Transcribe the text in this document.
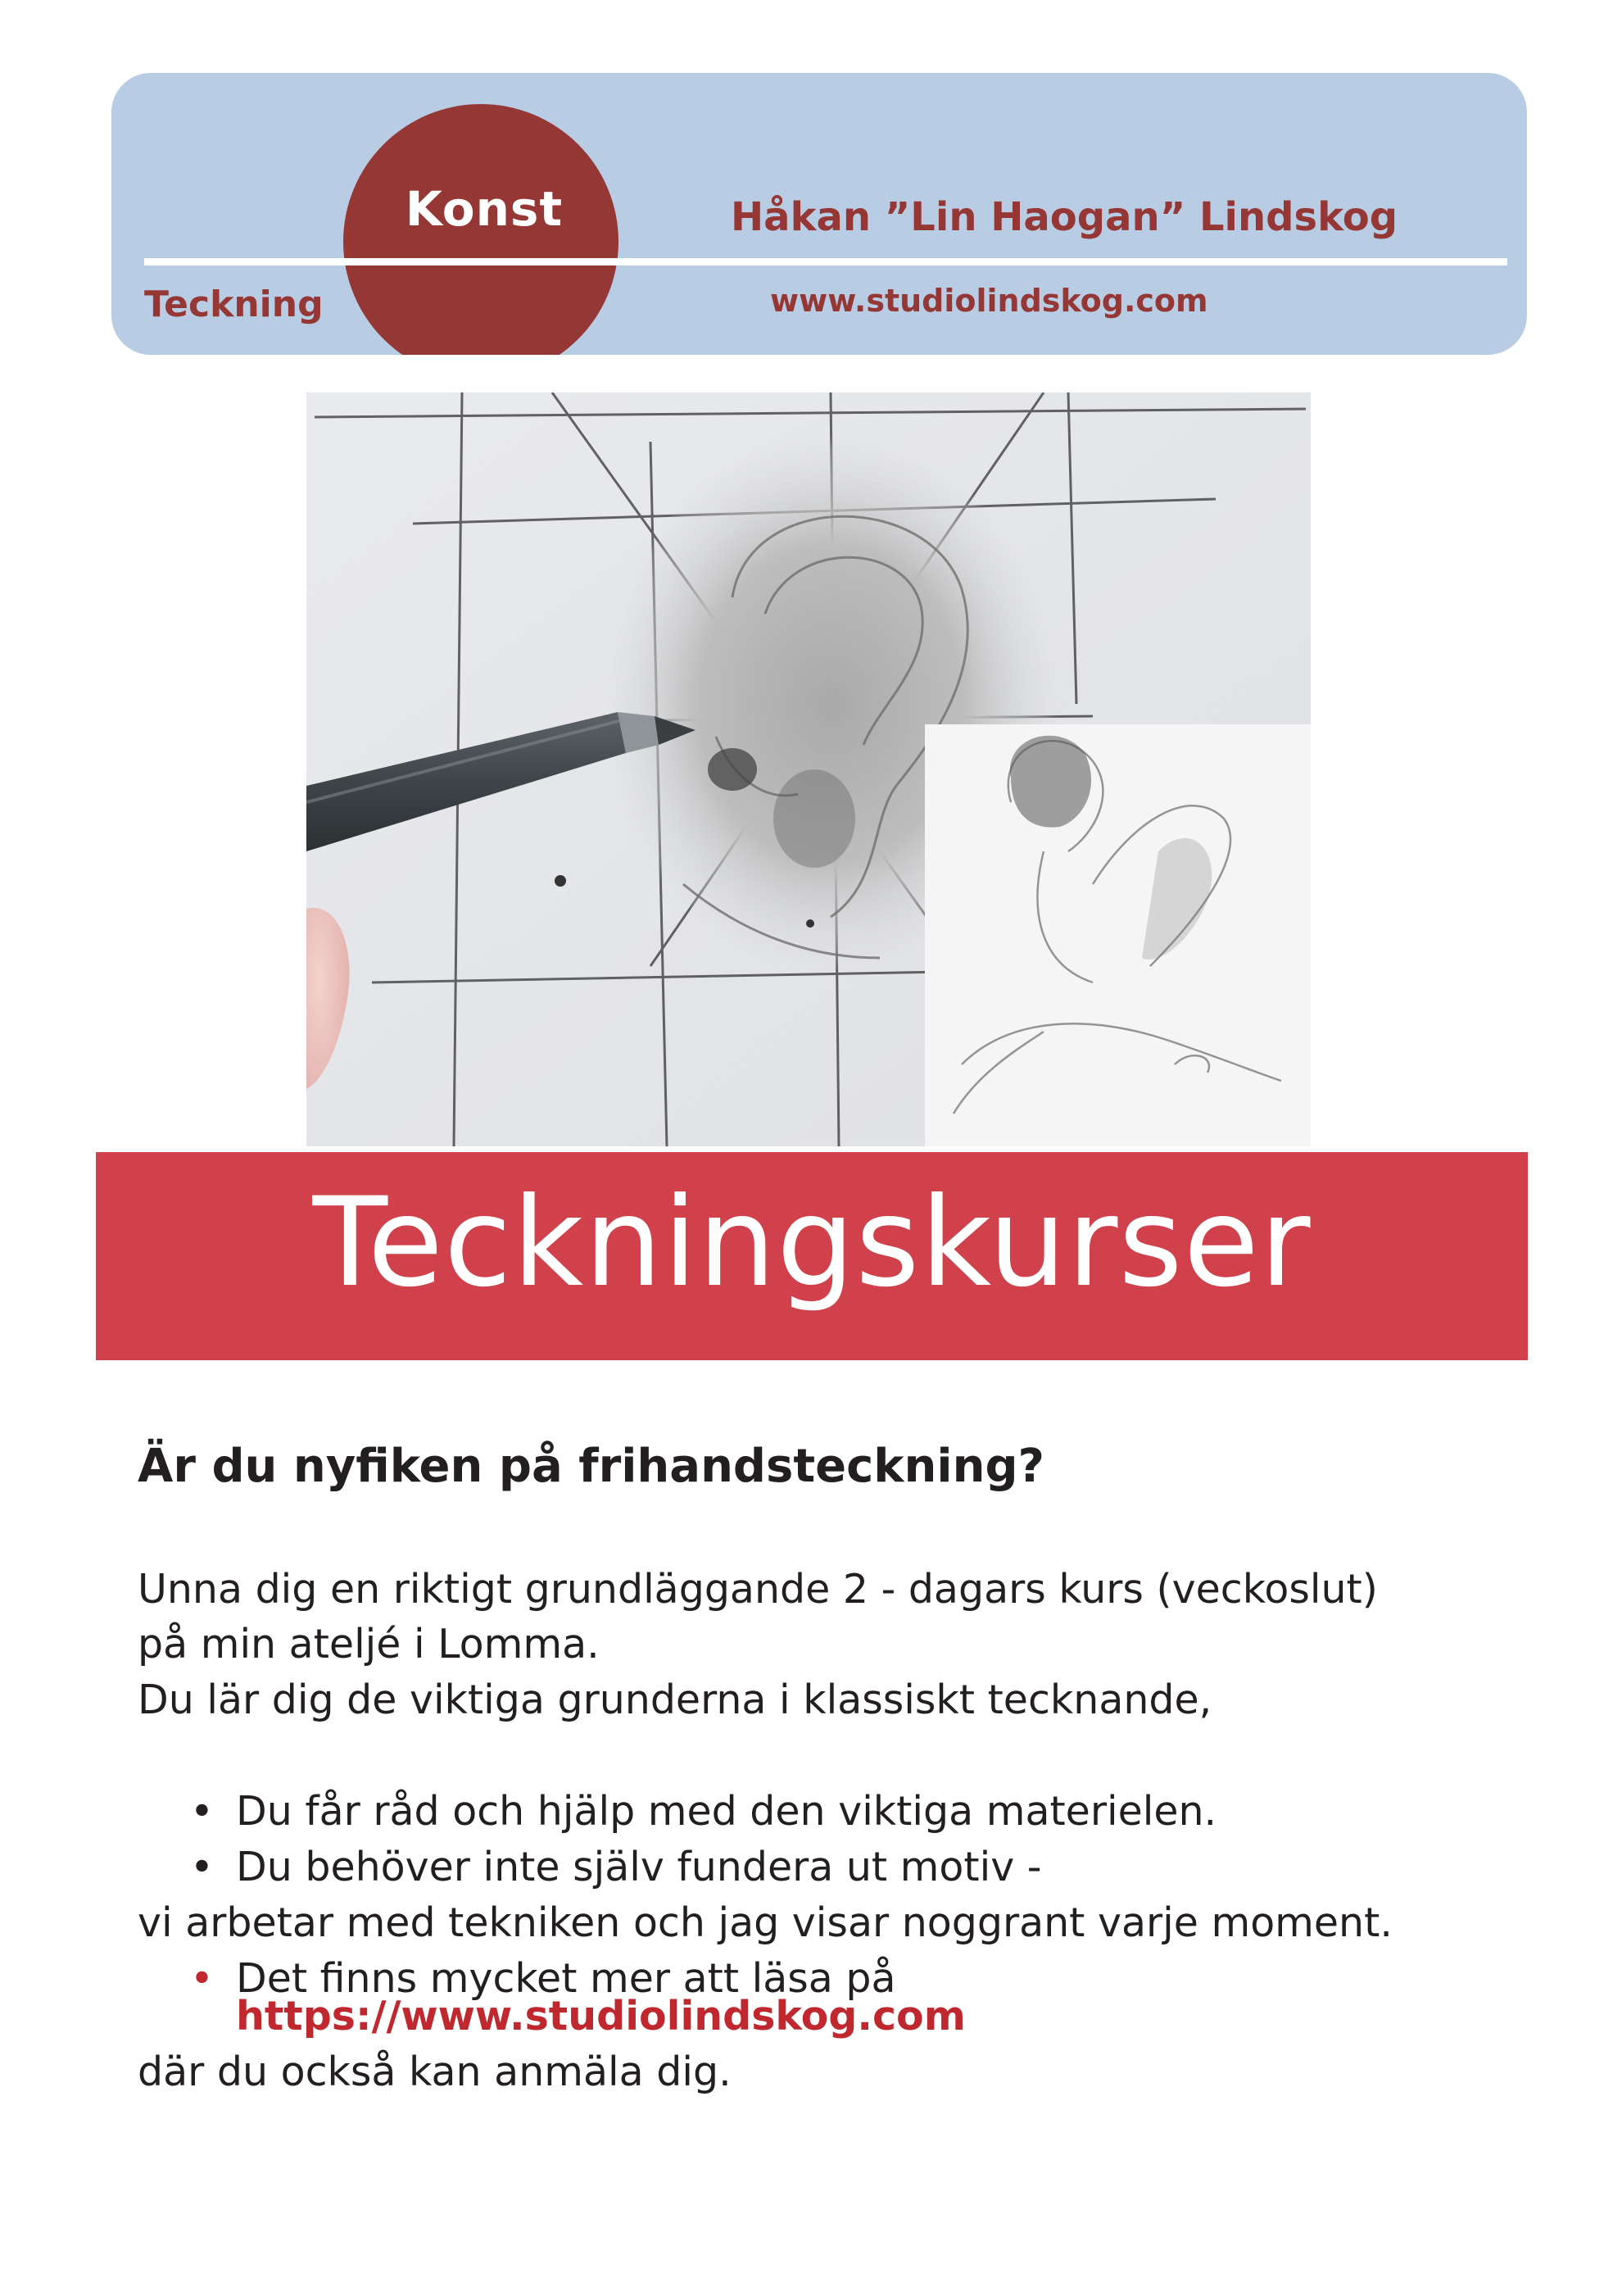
Konst
Teckning
Håkan ”Lin Haogan” Lindskog
www.studiolindskog.com
Teckningskurser
Är du nyfiken på frihandsteckning?
Unna dig en riktigt grundläggande 2 - dagars kurs (veckoslut)
på min ateljé i Lomma.
Du lär dig de viktiga grunderna i klassiskt tecknande,
• Du får råd och hjälp med den viktiga materielen.
• Du behöver inte själv fundera ut motiv -
vi arbetar med tekniken och jag visar noggrant varje moment.
• Det finns mycket mer att läsa på
https://www.studiolindskog.com
där du också kan anmäla dig.
